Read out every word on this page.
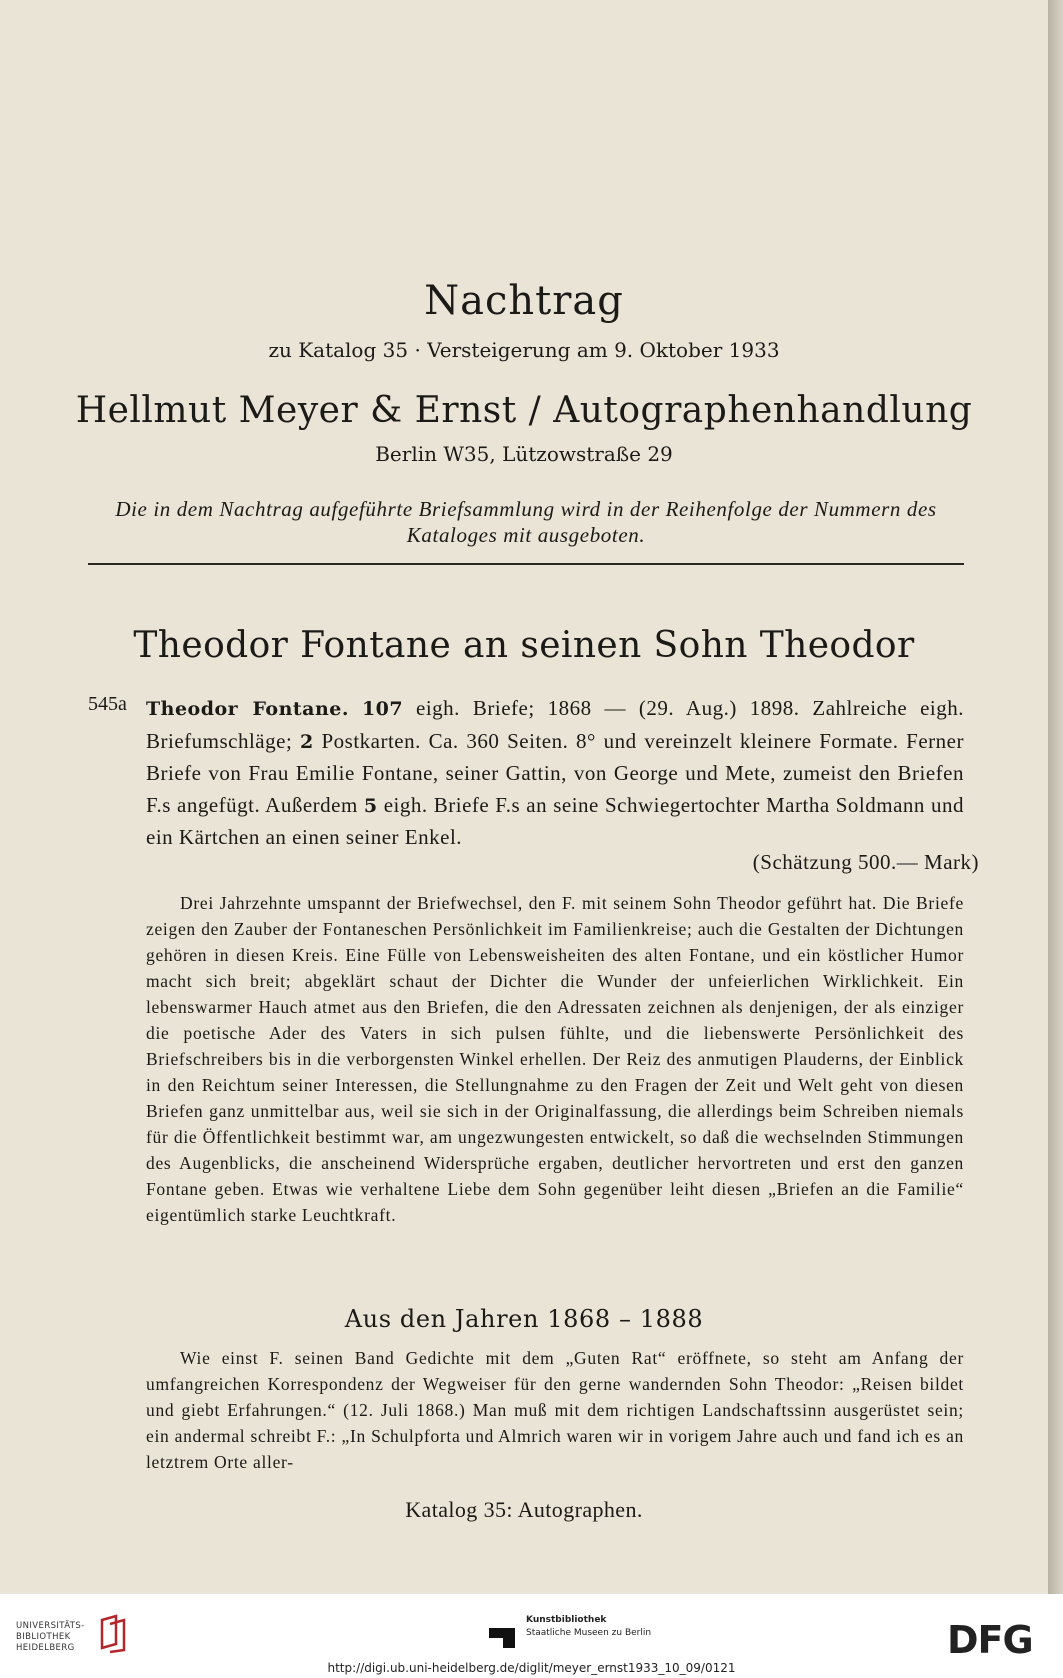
Nachtrag
zu Katalog 35 · Versteigerung am 9. Oktober 1933
Hellmut Meyer & Ernst / Autographenhandlung
Berlin W35, Lützowstraße 29
Die in dem Nachtrag aufgeführte Briefsammlung wird in der Reihenfolge der Nummern des Kataloges mit ausgeboten.
Theodor Fontane an seinen Sohn Theodor
545a Theodor Fontane. 107 eigh. Briefe; 1868 — (29. Aug.) 1898. Zahlreiche eigh. Briefumschläge; 2 Postkarten. Ca. 360 Seiten. 8° und vereinzelt kleinere Formate. Ferner Briefe von Frau Emilie Fontane, seiner Gattin, von George und Mete, zumeist den Briefen F.s angefügt. Außerdem 5 eigh. Briefe F.s an seine Schwiegertochter Martha Soldmann und ein Kärtchen an einen seiner Enkel.
(Schätzung 500.— Mark)
Drei Jahrzehnte umspannt der Briefwechsel, den F. mit seinem Sohn Theodor geführt hat. Die Briefe zeigen den Zauber der Fontaneschen Persönlichkeit im Familienkreise; auch die Gestalten der Dichtungen gehören in diesen Kreis. Eine Fülle von Lebensweisheiten des alten Fontane, und ein köstlicher Humor macht sich breit; abgeklärt schaut der Dichter die Wunder der unfeierlichen Wirklichkeit. Ein lebenswarmer Hauch atmet aus den Briefen, die den Adressaten zeichnen als denjenigen, der als einziger die poetische Ader des Vaters in sich pulsen fühlte, und die liebenswerte Persönlichkeit des Briefschreibers bis in die verborgensten Winkel erhellen. Der Reiz des anmutigen Plauderns, der Einblick in den Reichtum seiner Interessen, die Stellungnahme zu den Fragen der Zeit und Welt geht von diesen Briefen ganz unmittelbar aus, weil sie sich in der Originalfassung, die allerdings beim Schreiben niemals für die Öffentlichkeit bestimmt war, am ungezwungesten entwickelt, so daß die wechselnden Stimmungen des Augenblicks, die anscheinend Widersprüche ergaben, deutlicher hervortreten und erst den ganzen Fontane geben. Etwas wie verhaltene Liebe dem Sohn gegenüber leiht diesen „Briefen an die Familie“ eigentümlich starke Leuchtkraft.
Aus den Jahren 1868 – 1888
Wie einst F. seinen Band Gedichte mit dem „Guten Rat“ eröffnete, so steht am Anfang der umfangreichen Korrespondenz der Wegweiser für den gerne wandernden Sohn Theodor: „Reisen bildet und giebt Erfahrungen.“ (12. Juli 1868.) Man muß mit dem richtigen Landschaftssinn ausgerüstet sein; ein andermal schreibt F.: „In Schulpforta und Almrich waren wir in vorigem Jahre auch und fand ich es an letztrem Orte aller-
Katalog 35: Autographen.
UNIVERSITÄTS-
BIBLIOTHEK
HEIDELBERG
Kunstbibliothek
Staatliche Museen zu Berlin	DFG
http://digi.ub.uni-heidelberg.de/diglit/meyer_ernst1933_10_09/0121
